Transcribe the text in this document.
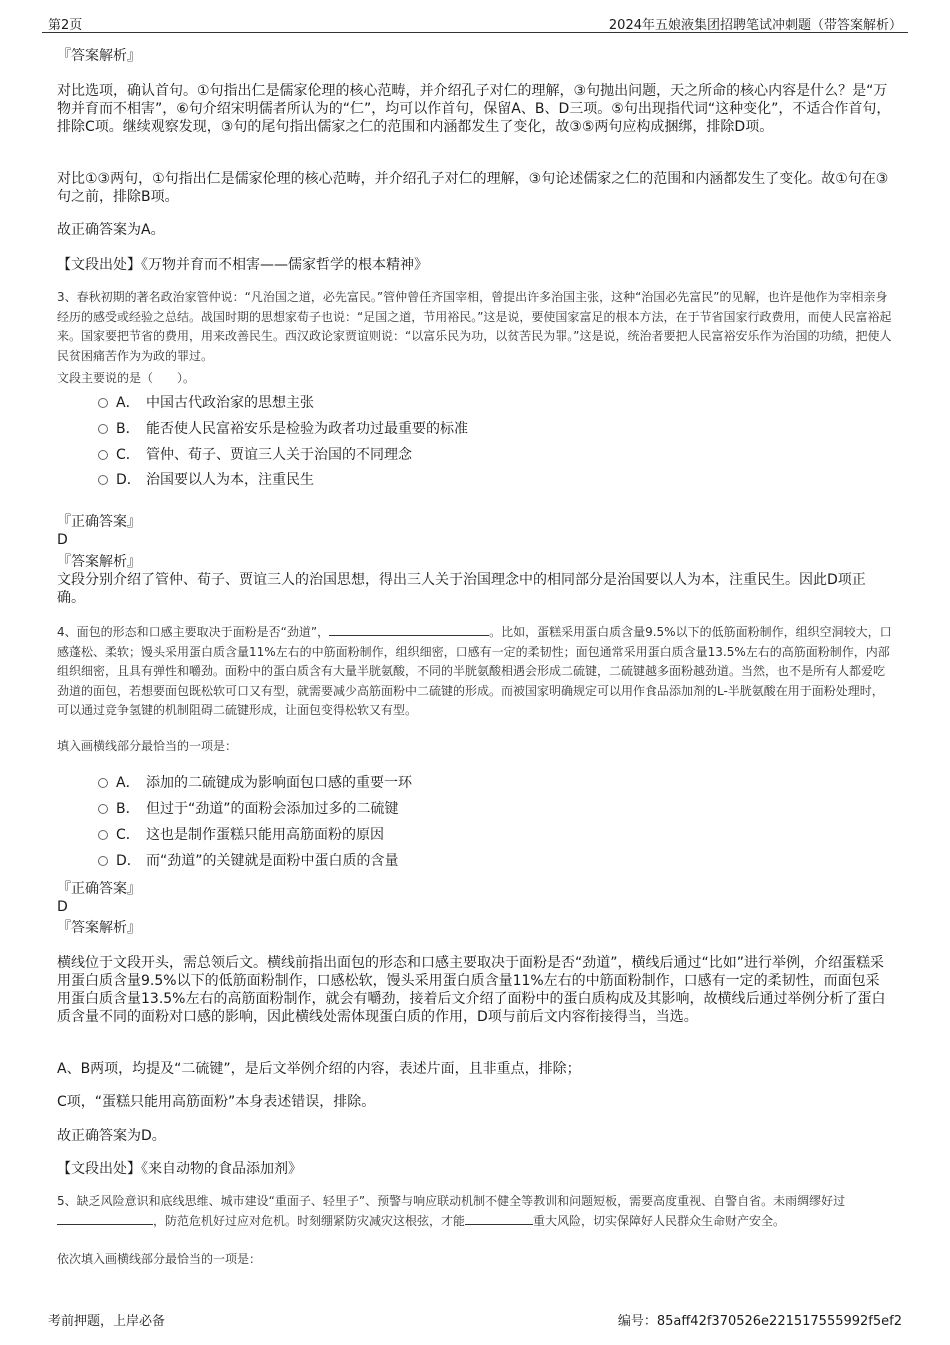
第2页	2024年五娘液集团招聘笔试冲刺题（带答案解析）

『答案解析』

对比选项，确认首句。①句指出仁是儒家伦理的核心范畴，并介绍孔子对仁的理解，③句抛出问题，天之所命的核心内容是什么？是“万物并育而不相害”，⑥句介绍宋明儒者所认为的“仁”，均可以作首句，保留A、B、D三项。⑤句出现指代词“这种变化”，不适合作首句，排除C项。继续观察发现，③句的尾句指出儒家之仁的范围和内涵都发生了变化，故③⑤两句应构成捆绑，排除D项。

对比①③两句，①句指出仁是儒家伦理的核心范畴，并介绍孔子对仁的理解，③句论述儒家之仁的范围和内涵都发生了变化。故①句在③句之前，排除B项。

故正确答案为A。

【文段出处】《万物并育而不相害——儒家哲学的根本精神》

3、春秋初期的著名政治家管仲说：“凡治国之道，必先富民。”管仲曾任齐国宰相，曾提出许多治国主张，这种“治国必先富民”的见解，也许是他作为宰相亲身经历的感受或经验之总结。战国时期的思想家荀子也说：“足国之道，节用裕民。”这是说，要使国家富足的根本方法，在于节省国家行政费用，而使人民富裕起来。国家要把节省的费用，用来改善民生。西汉政论家贾谊则说：“以富乐民为功，以贫苦民为罪。”这是说，统治者要把人民富裕安乐作为治国的功绩，把使人民贫困痛苦作为为政的罪过。

文段主要说的是（　　）。

A． 中国古代政治家的思想主张
B． 能否使人民富裕安乐是检验为政者功过最重要的标准
C． 管仲、荀子、贾谊三人关于治国的不同理念
D． 治国要以人为本，注重民生

『正确答案』

D

『答案解析』

文段分别介绍了管仲、荀子、贾谊三人的治国思想，得出三人关于治国理念中的相同部分是治国要以人为本，注重民生。因此D项正确。

4、面包的形态和口感主要取决于面粉是否“劲道”，	。比如，蛋糕采用蛋白质含量9.5%以下的低筋面粉制作，组织空洞较大，口感蓬松、柔软；馒头采用蛋白质含量11%左右的中筋面粉制作，组织细密，口感有一定的柔韧性；面包通常采用蛋白质含量13.5%左右的高筋面粉制作，内部组织细密，且具有弹性和嚼劲。面粉中的蛋白质含有大量半胱氨酸，不同的半胱氨酸相遇会形成二硫键，二硫键越多面粉越劲道。当然，也不是所有人都爱吃劲道的面包，若想要面包既松软可口又有型，就需要减少高筋面粉中二硫键的形成。而被国家明确规定可以用作食品添加剂的L-半胱氨酸在用于面粉处理时，可以通过竞争氢键的机制阻碍二硫键形成，让面包变得松软又有型。

填入画横线部分最恰当的一项是：

A． 添加的二硫键成为影响面包口感的重要一环
B． 但过于“劲道”的面粉会添加过多的二硫键
C． 这也是制作蛋糕只能用高筋面粉的原因
D． 而“劲道”的关键就是面粉中蛋白质的含量

『正确答案』

D

『答案解析』

横线位于文段开头，需总领后文。横线前指出面包的形态和口感主要取决于面粉是否“劲道”，横线后通过“比如”进行举例，介绍蛋糕采用蛋白质含量9.5%以下的低筋面粉制作，口感松软，馒头采用蛋白质含量11%左右的中筋面粉制作，口感有一定的柔韧性，而面包采用蛋白质含量13.5%左右的高筋面粉制作，就会有嚼劲，接着后文介绍了面粉中的蛋白质构成及其影响，故横线后通过举例分析了蛋白质含量不同的面粉对口感的影响，因此横线处需体现蛋白质的作用，D项与前后文内容衔接得当，当选。

A、B两项，均提及“二硫键”，是后文举例介绍的内容，表述片面，且非重点，排除；

C项，“蛋糕只能用高筋面粉”本身表述错误，排除。

故正确答案为D。

【文段出处】《来自动物的食品添加剂》

5、缺乏风险意识和底线思维、城市建设“重面子、轻里子”、预警与响应联动机制不健全等教训和问题短板，需要高度重视、自警自省。未雨绸缪好过，防范危机好过应对危机。时刻绷紧防灾减灾这根弦，才能	重大风险，切实保障好人民群众生命财产安全。

依次填入画横线部分最恰当的一项是：

考前押题，上岸必备	编号：85aff42f370526e221517555992f5ef2
